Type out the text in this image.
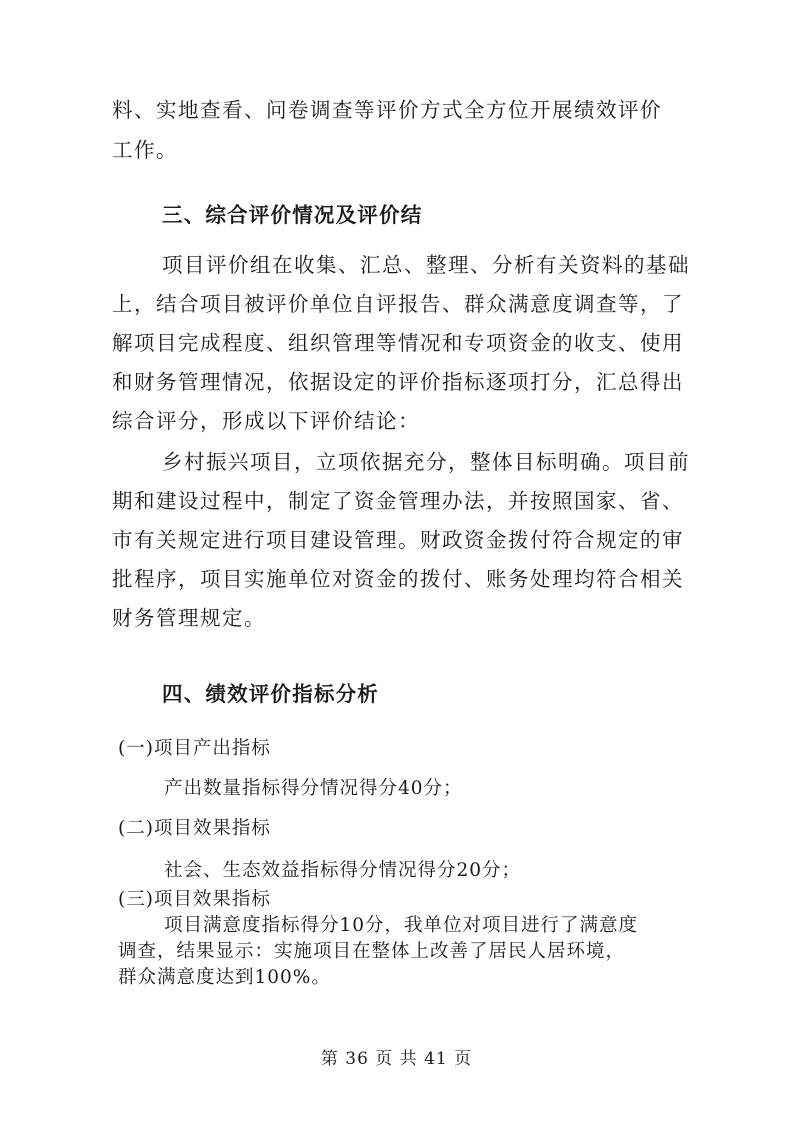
料、实地查看、问卷调查等评价方式全方位开展绩效评价
工作。
三、综合评价情况及评价结
项目评价组在收集、汇总、整理、分析有关资料的基础
上，结合项目被评价单位自评报告、群众满意度调查等，了
解项目完成程度、组织管理等情况和专项资金的收支、使用
和财务管理情况，依据设定的评价指标逐项打分，汇总得出
综合评分，形成以下评价结论：
乡村振兴项目，立项依据充分，整体目标明确。项目前
期和建设过程中，制定了资金管理办法，并按照国家、省、
市有关规定进行项目建设管理。财政资金拨付符合规定的审
批程序，项目实施单位对资金的拨付、账务处理均符合相关
财务管理规定。
四、绩效评价指标分析
(一)项目产出指标
产出数量指标得分情况得分40分；
(二)项目效果指标
社会、生态效益指标得分情况得分20分；
(三)项目效果指标
项目满意度指标得分10分，我单位对项目进行了满意度
调查，结果显示：实施项目在整体上改善了居民人居环境，
群众满意度达到100%。
第 36 页 共 41 页
